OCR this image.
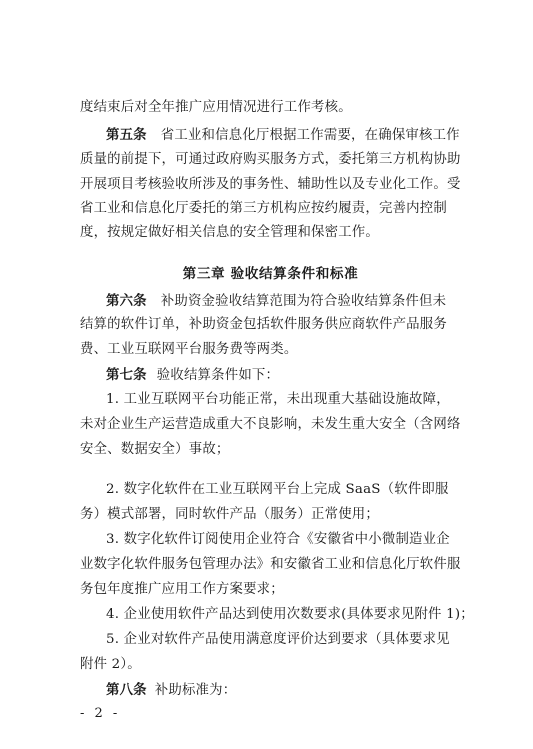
度结束后对全年推广应用情况进行工作考核。
第五条 省工业和信息化厅根据工作需要，在确保审核工作
质量的前提下，可通过政府购买服务方式，委托第三方机构协助
开展项目考核验收所涉及的事务性、辅助性以及专业化工作。受
省工业和信息化厅委托的第三方机构应按约履责，完善内控制
度，按规定做好相关信息的安全管理和保密工作。
第三章 验收结算条件和标准
第六条 补助资金验收结算范围为符合验收结算条件但未
结算的软件订单，补助资金包括软件服务供应商软件产品服务
费、工业互联网平台服务费等两类。
第七条 验收结算条件如下：
1. 工业互联网平台功能正常，未出现重大基础设施故障，
未对企业生产运营造成重大不良影响，未发生重大安全（含网络
安全、数据安全）事故；
2. 数字化软件在工业互联网平台上完成 SaaS（软件即服
务）模式部署，同时软件产品（服务）正常使用；
3. 数字化软件订阅使用企业符合《安徽省中小微制造业企
业数字化软件服务包管理办法》和安徽省工业和信息化厅软件服
务包年度推广应用工作方案要求；
4. 企业使用软件产品达到使用次数要求(具体要求见附件 1)；
5. 企业对软件产品使用满意度评价达到要求（具体要求见
附件 2）。
第八条 补助标准为：
- 2 -
